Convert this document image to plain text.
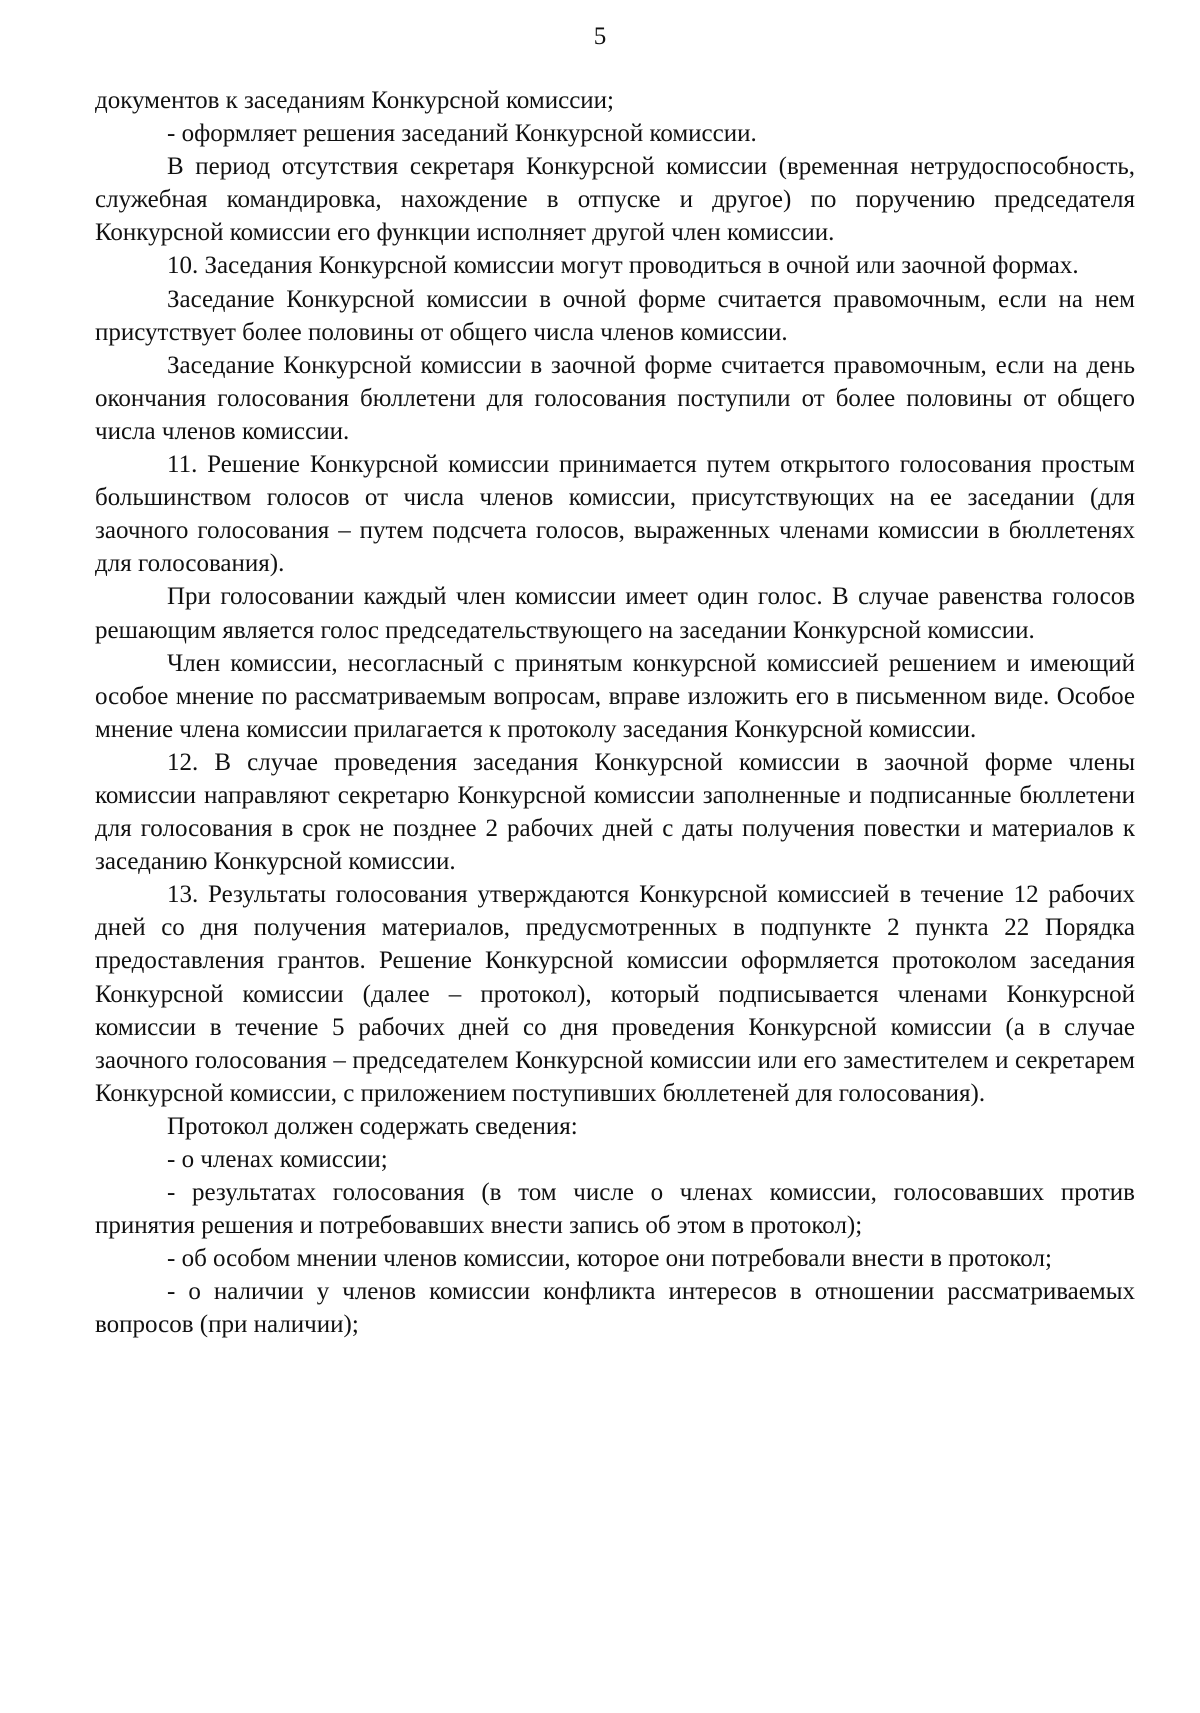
5

документов к заседаниям Конкурсной комиссии;

- оформляет решения заседаний Конкурсной комиссии.

В период отсутствия секретаря Конкурсной комиссии (временная нетрудоспособность, служебная командировка, нахождение в отпуске и другое) по поручению председателя Конкурсной комиссии его функции исполняет другой член комиссии.

10. Заседания Конкурсной комиссии могут проводиться в очной или заочной формах.

Заседание Конкурсной комиссии в очной форме считается правомочным, если на нем присутствует более половины от общего числа членов комиссии.

Заседание Конкурсной комиссии в заочной форме считается правомочным, если на день окончания голосования бюллетени для голосования поступили от более половины от общего числа членов комиссии.

11. Решение Конкурсной комиссии принимается путем открытого голосования простым большинством голосов от числа членов комиссии, присутствующих на ее заседании (для заочного голосования – путем подсчета голосов, выраженных членами комиссии в бюллетенях для голосования).

При голосовании каждый член комиссии имеет один голос. В случае равенства голосов решающим является голос председательствующего на заседании Конкурсной комиссии.

Член комиссии, несогласный с принятым конкурсной комиссией решением и имеющий особое мнение по рассматриваемым вопросам, вправе изложить его в письменном виде. Особое мнение члена комиссии прилагается к протоколу заседания Конкурсной комиссии.

12. В случае проведения заседания Конкурсной комиссии в заочной форме члены комиссии направляют секретарю Конкурсной комиссии заполненные и подписанные бюллетени для голосования в срок не позднее 2 рабочих дней с даты получения повестки и материалов к заседанию Конкурсной комиссии.

13. Результаты голосования утверждаются Конкурсной комиссией в течение 12 рабочих дней со дня получения материалов, предусмотренных в подпункте 2 пункта 22 Порядка предоставления грантов. Решение Конкурсной комиссии оформляется протоколом заседания Конкурсной комиссии (далее – протокол), который подписывается членами Конкурсной комиссии в течение 5 рабочих дней со дня проведения Конкурсной комиссии (а в случае заочного голосования – председателем Конкурсной комиссии или его заместителем и секретарем Конкурсной комиссии, с приложением поступивших бюллетеней для голосования).

Протокол должен содержать сведения:

- о членах комиссии;

- результатах голосования (в том числе о членах комиссии, голосовавших против принятия решения и потребовавших внести запись об этом в протокол);

- об особом мнении членов комиссии, которое они потребовали внести в протокол;

- о наличии у членов комиссии конфликта интересов в отношении рассматриваемых вопросов (при наличии);
